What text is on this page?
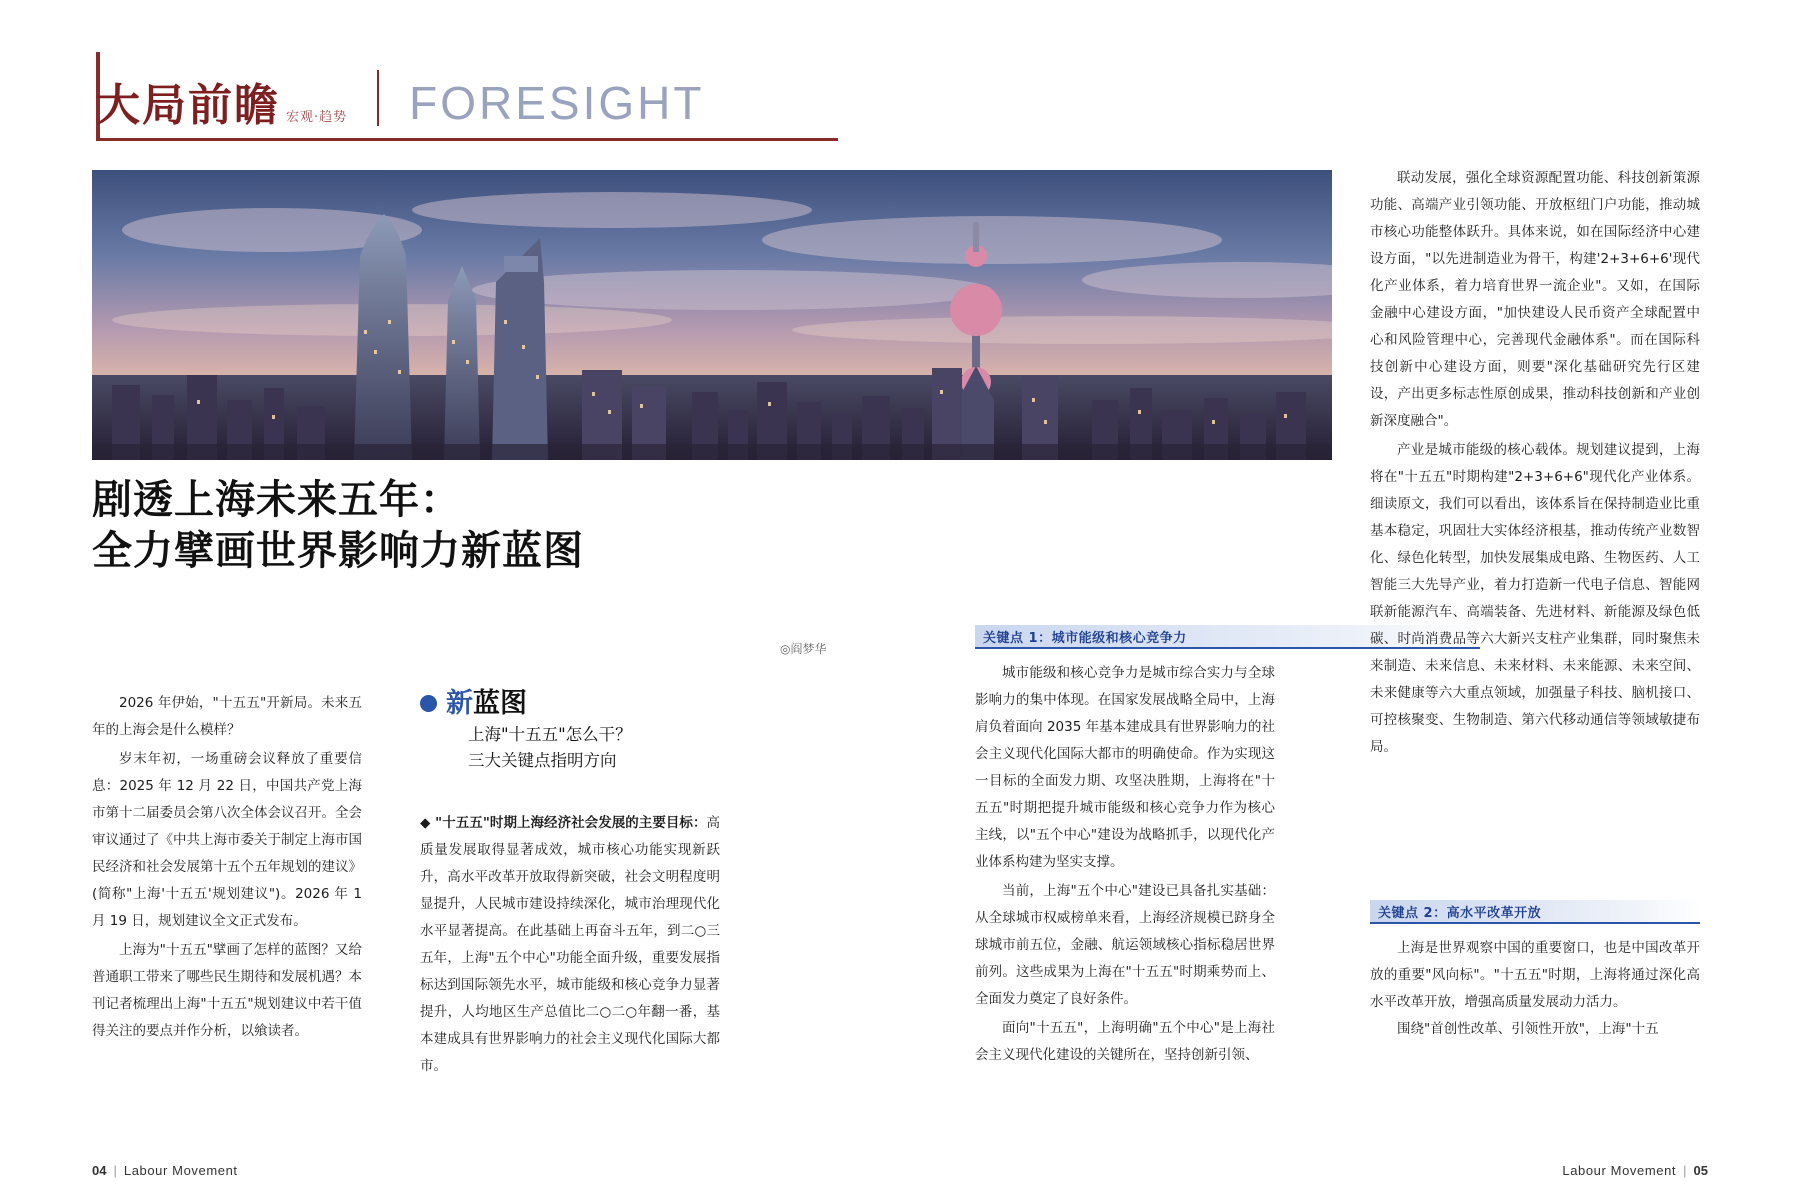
大局前瞻 宏观·趋势 FORESIGHT
剧透上海未来五年：
全力擘画世界影响力新蓝图
◎阎梦华

2026 年伊始，"十五五"开新局。未来五年的上海会是什么模样？

岁末年初，一场重磅会议释放了重要信息：2025 年 12 月 22 日，中国共产党上海市第十二届委员会第八次全体会议召开。全会审议通过了《中共上海市委关于制定上海市国民经济和社会发展第十五个五年规划的建议》(简称"上海'十五五'规划建议")。2026 年 1 月 19 日，规划建议全文正式发布。

上海为"十五五"擘画了怎样的蓝图？又给普通职工带来了哪些民生期待和发展机遇？本刊记者梳理出上海"十五五"规划建议中若干值得关注的要点并作分析，以飨读者。

新蓝图
上海"十五五"怎么干？
三大关键点指明方向

◆ "十五五"时期上海经济社会发展的主要目标：高质量发展取得显著成效，城市核心功能实现新跃升，高水平改革开放取得新突破，社会文明程度明显提升，人民城市建设持续深化，城市治理现代化水平显著提高。在此基础上再奋斗五年，到二○三五年，上海"五个中心"功能全面升级，重要发展指标达到国际领先水平，城市能级和核心竞争力显著提升，人均地区生产总值比二○二○年翻一番，基本建成具有世界影响力的社会主义现代化国际大都市。

关键点 1：城市能级和核心竞争力

城市能级和核心竞争力是城市综合实力与全球影响力的集中体现。在国家发展战略全局中，上海肩负着面向 2035 年基本建成具有世界影响力的社会主义现代化国际大都市的明确使命。作为实现这一目标的全面发力期、攻坚决胜期，上海将在"十五五"时期把提升城市能级和核心竞争力作为核心主线，以"五个中心"建设为战略抓手，以现代化产业体系构建为坚实支撑。

当前，上海"五个中心"建设已具备扎实基础：从全球城市权威榜单来看，上海经济规模已跻身全球城市前五位，金融、航运领域核心指标稳居世界前列。这些成果为上海在"十五五"时期乘势而上、全面发力奠定了良好条件。

面向"十五五"，上海明确"五个中心"是上海社会主义现代化建设的关键所在，坚持创新引领、

联动发展，强化全球资源配置功能、科技创新策源功能、高端产业引领功能、开放枢纽门户功能，推动城市核心功能整体跃升。具体来说，如在国际经济中心建设方面，"以先进制造业为骨干，构建'2+3+6+6'现代化产业体系，着力培育世界一流企业"。又如，在国际金融中心建设方面，"加快建设人民币资产全球配置中心和风险管理中心，完善现代金融体系"。而在国际科技创新中心建设方面，则要"深化基础研究先行区建设，产出更多标志性原创成果，推动科技创新和产业创新深度融合"。

产业是城市能级的核心载体。规划建议提到，上海将在"十五五"时期构建"2+3+6+6"现代化产业体系。细读原文，我们可以看出，该体系旨在保持制造业比重基本稳定，巩固壮大实体经济根基，推动传统产业数智化、绿色化转型，加快发展集成电路、生物医药、人工智能三大先导产业，着力打造新一代电子信息、智能网联新能源汽车、高端装备、先进材料、新能源及绿色低碳、时尚消费品等六大新兴支柱产业集群，同时聚焦未来制造、未来信息、未来材料、未来能源、未来空间、未来健康等六大重点领域，加强量子科技、脑机接口、可控核聚变、生物制造、第六代移动通信等领域敏捷布局。

关键点 2：高水平改革开放

上海是世界观察中国的重要窗口，也是中国改革开放的重要"风向标"。"十五五"时期，上海将通过深化高水平改革开放，增强高质量发展动力活力。

围绕"首创性改革、引领性开放"，上海"十五

04 | Labour Movement	Labour Movement | 05
